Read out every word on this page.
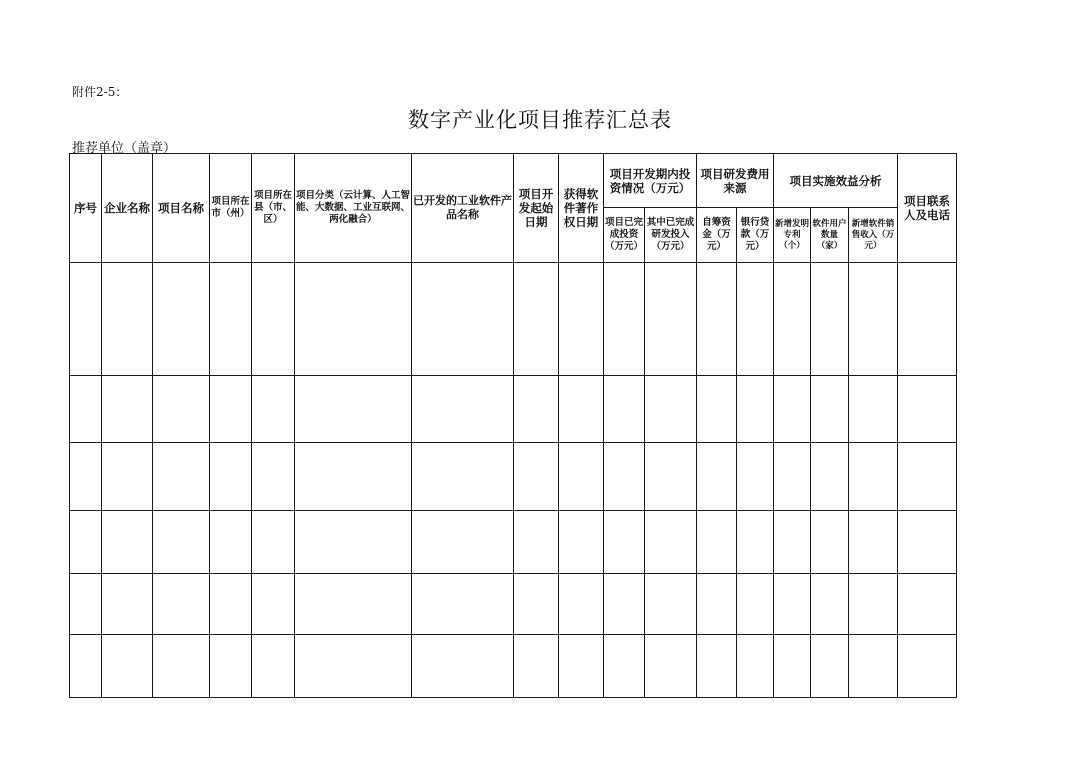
附件2-5：
数字产业化项目推荐汇总表
推荐单位（盖章）
序号	企业名称	项目名称	项目所在市（州）	项目所在县（市、区）	项目分类（云计算、人工智能、大数据、工业互联网、两化融合）	已开发的工业软件产品名称	项目开发起始日期	获得软件著作权日期	项目开发期内投资情况（万元）		项目研发费用来源		项目实施效益分析			项目联系人及电话
									项目已完成投资（万元）	其中已完成研发投入（万元）	自筹资金（万元）	银行贷款（万元）	新增发明专利（个）	软件用户数量（家）	新增软件销售收入（万元）	
